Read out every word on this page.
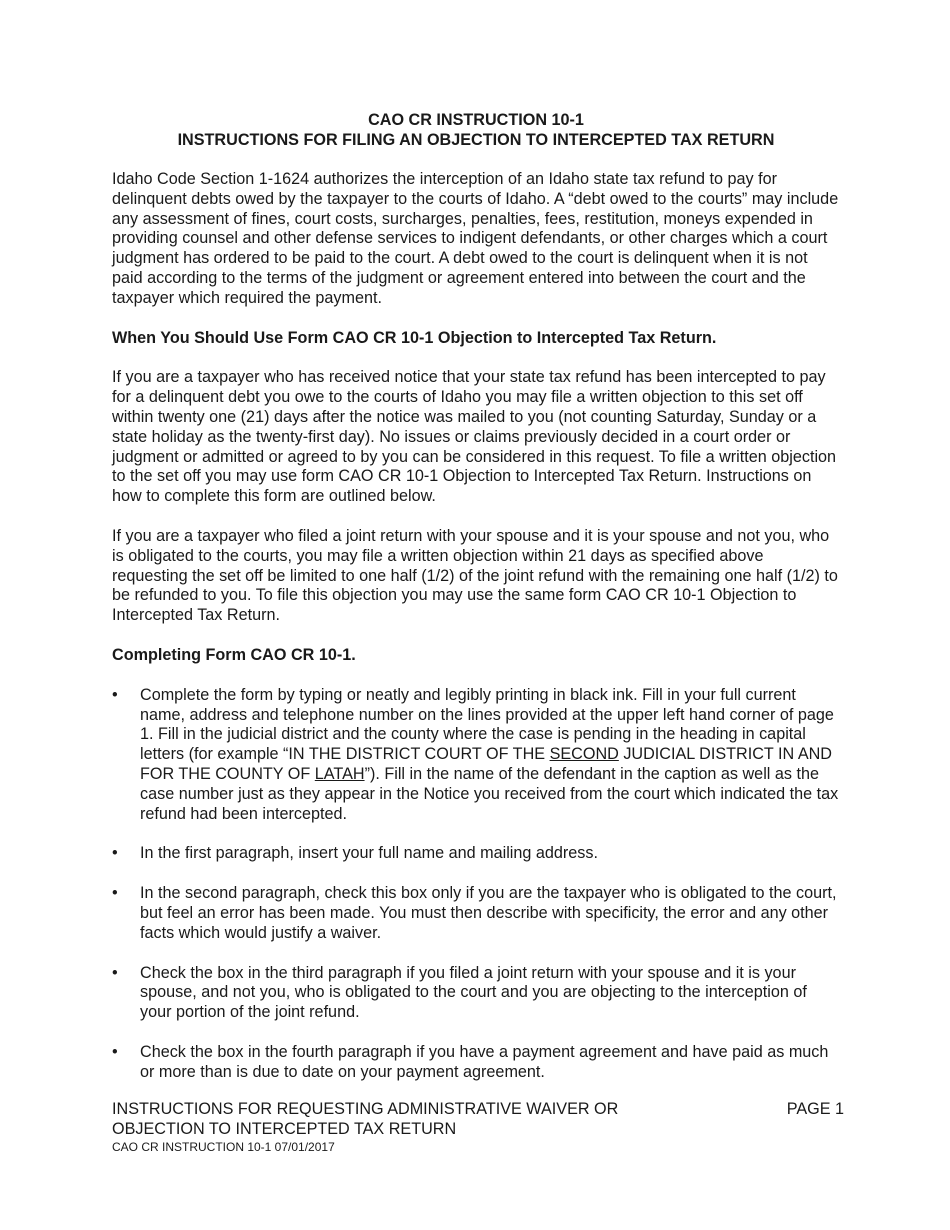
CAO CR INSTRUCTION 10-1
INSTRUCTIONS FOR FILING AN OBJECTION TO INTERCEPTED TAX RETURN

Idaho Code Section 1-1624 authorizes the interception of an Idaho state tax refund to pay for delinquent debts owed by the taxpayer to the courts of Idaho. A “debt owed to the courts” may include any assessment of fines, court costs, surcharges, penalties, fees, restitution, moneys expended in providing counsel and other defense services to indigent defendants, or other charges which a court judgment has ordered to be paid to the court. A debt owed to the court is delinquent when it is not paid according to the terms of the judgment or agreement entered into between the court and the taxpayer which required the payment.

When You Should Use Form CAO CR 10-1 Objection to Intercepted Tax Return.

If you are a taxpayer who has received notice that your state tax refund has been intercepted to pay for a delinquent debt you owe to the courts of Idaho you may file a written objection to this set off within twenty one (21) days after the notice was mailed to you (not counting Saturday, Sunday or a state holiday as the twenty-first day). No issues or claims previously decided in a court order or judgment or admitted or agreed to by you can be considered in this request. To file a written objection to the set off you may use form CAO CR 10-1 Objection to Intercepted Tax Return. Instructions on how to complete this form are outlined below.

If you are a taxpayer who filed a joint return with your spouse and it is your spouse and not you, who is obligated to the courts, you may file a written objection within 21 days as specified above requesting the set off be limited to one half (1/2) of the joint refund with the remaining one half (1/2) to be refunded to you. To file this objection you may use the same form CAO CR 10-1 Objection to Intercepted Tax Return.

Completing Form CAO CR 10-1.
•	Complete the form by typing or neatly and legibly printing in black ink. Fill in your full current name, address and telephone number on the lines provided at the upper left hand corner of page 1. Fill in the judicial district and the county where the case is pending in the heading in capital letters (for example “IN THE DISTRICT COURT OF THE SECOND JUDICIAL DISTRICT IN AND FOR THE COUNTY OF LATAH”). Fill in the name of the defendant in the caption as well as the case number just as they appear in the Notice you received from the court which indicated the tax refund had been intercepted.
•	In the first paragraph, insert your full name and mailing address.
•	In the second paragraph, check this box only if you are the taxpayer who is obligated to the court, but feel an error has been made. You must then describe with specificity, the error and any other facts which would justify a waiver.
•	Check the box in the third paragraph if you filed a joint return with your spouse and it is your spouse, and not you, who is obligated to the court and you are objecting to the interception of your portion of the joint refund.
•	Check the box in the fourth paragraph if you have a payment agreement and have paid as much or more than is due to date on your payment agreement.
INSTRUCTIONS FOR REQUESTING ADMINISTRATIVE WAIVER OR	PAGE 1
OBJECTION TO INTERCEPTED TAX RETURN
CAO CR INSTRUCTION 10-1 07/01/2017
